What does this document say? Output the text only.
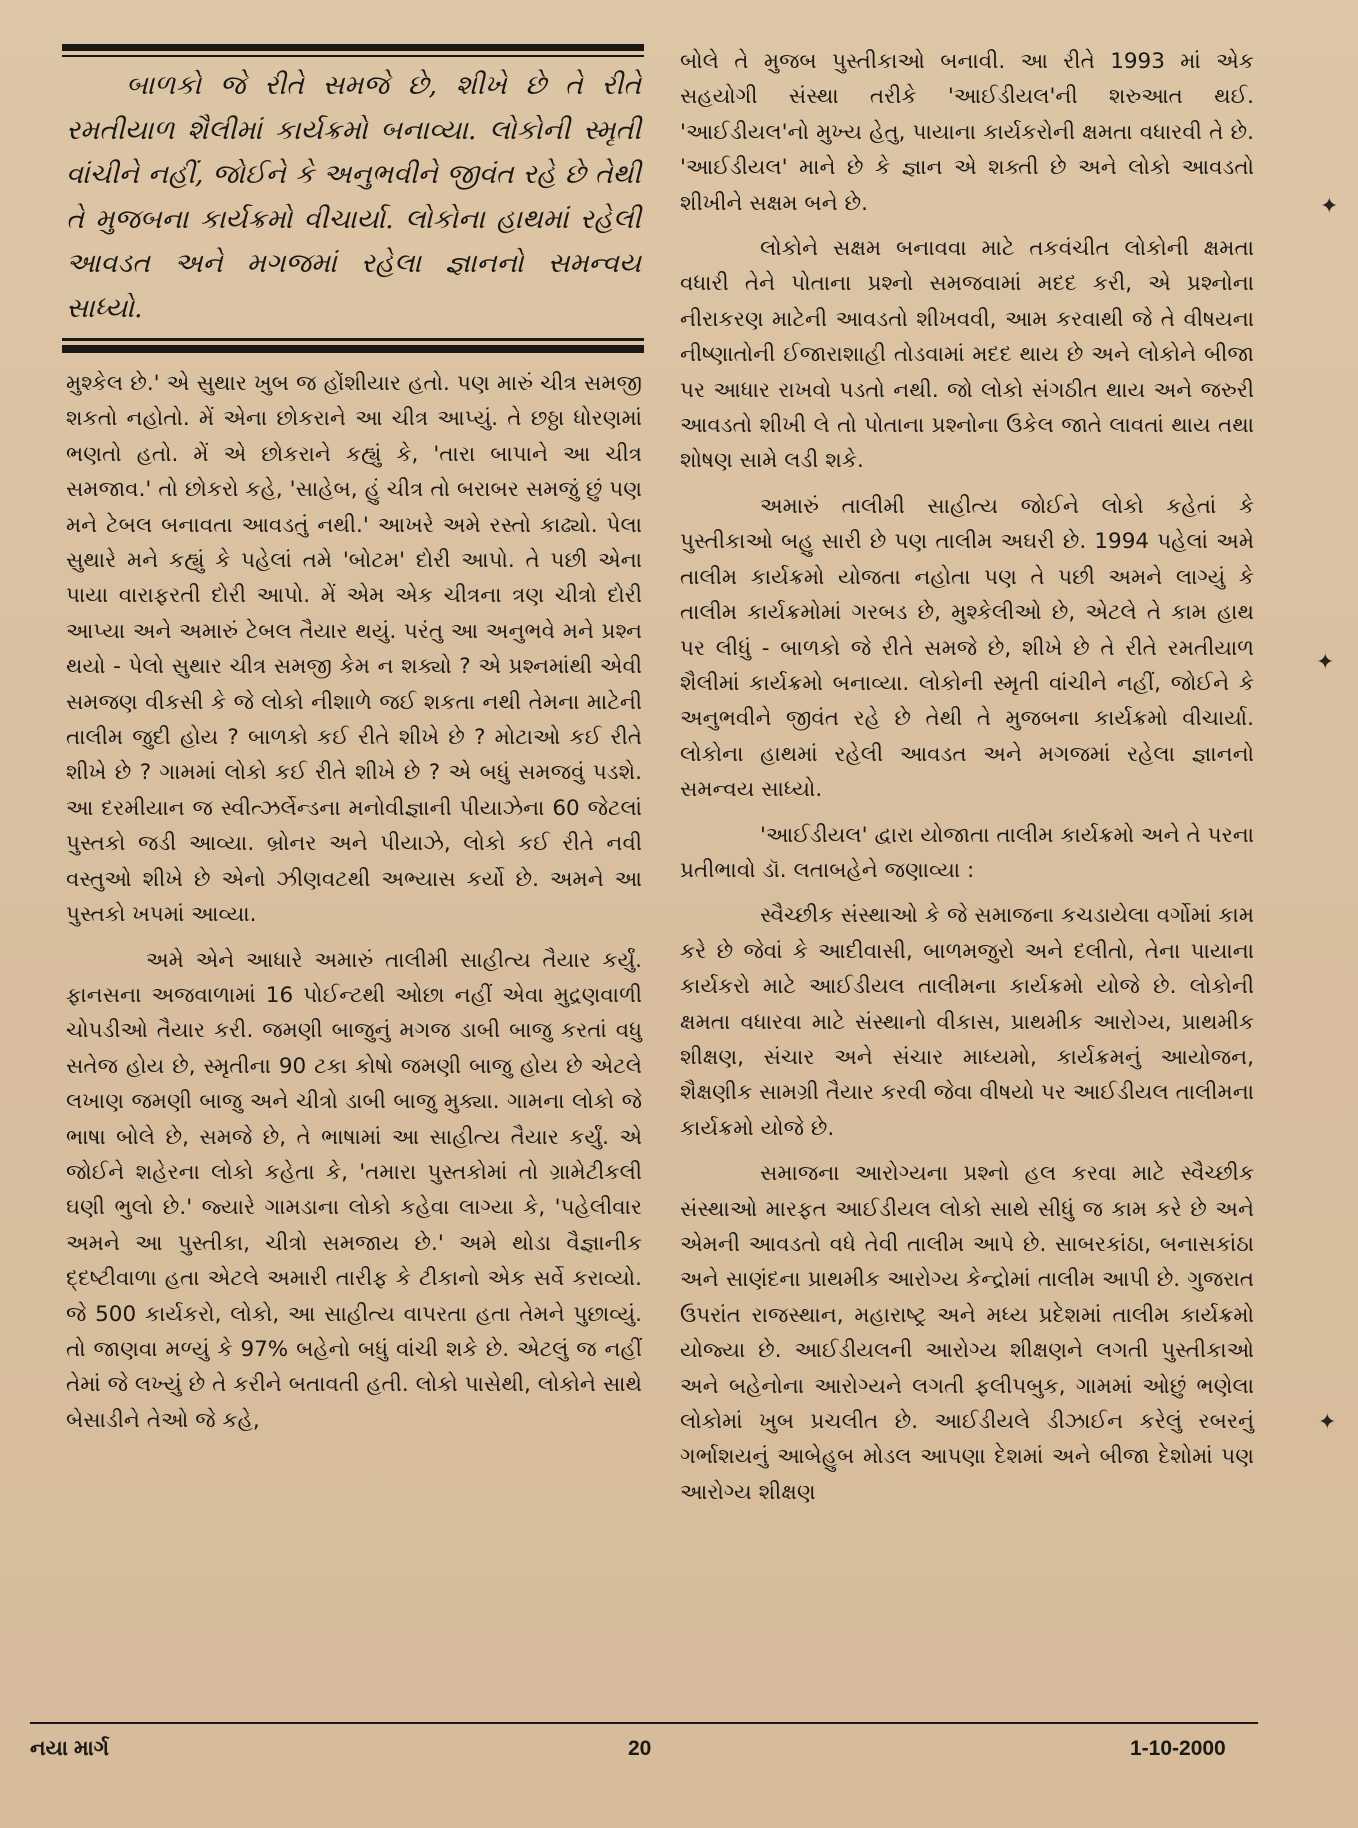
બાળકો જે રીતે સમજે છે, શીખે છે તે રીતે રમતીયાળ શૈલીમાં કાર્યક્રમો બનાવ્યા. લોકોની સ્મૃતી વાંચીને નહીં, જોઈને કે અનુભવીને જીવંત રહે છે તેથી તે મુજબના કાર્યક્રમો વીચાર્યા. લોકોના હાથમાં રહેલી આવડત અને મગજમાં રહેલા જ્ઞાનનો સમન્વય સાધ્યો.

મુશ્કેલ છે.' એ સુથાર ખુબ જ હોંશીયાર હતો. પણ મારું ચીત્ર સમજી શકતો નહોતો. મેં એના છોકરાને આ ચીત્ર આપ્યું. તે છઠ્ઠા ધોરણમાં ભણતો હતો. મેં એ છોકરાને કહ્યું કે, 'તારા બાપાને આ ચીત્ર સમજાવ.' તો છોકરો કહે, 'સાહેબ, હું ચીત્ર તો બરાબર સમજું છું પણ મને ટેબલ બનાવતા આવડતું નથી.' આખરે અમે રસ્તો કાઢ્યો. પેલા સુથારે મને કહ્યું કે પહેલાં તમે 'બોટમ' દોરી આપો. તે પછી એના પાયા વારાફરતી દોરી આપો. મેં એમ એક ચીત્રના ત્રણ ચીત્રો દોરી આપ્યા અને અમારું ટેબલ તૈયાર થયું. પરંતુ આ અનુભવે મને પ્રશ્ન થયો - પેલો સુથાર ચીત્ર સમજી કેમ ન શક્યો ? એ પ્રશ્નમાંથી એવી સમજણ વીકસી કે જે લોકો નીશાળે જઈ શકતા નથી તેમના માટેની તાલીમ જુદી હોય ? બાળકો કઈ રીતે શીખે છે ? મોટાઓ કઈ રીતે શીખે છે ? ગામમાં લોકો કઈ રીતે શીખે છે ? એ બધું સમજવું પડશે. આ દરમીયાન જ સ્વીત્ઝર્લેન્ડના મનોવીજ્ઞાની પીયાઝેના 60 જેટલાં પુસ્તકો જડી આવ્યા. બ્રોનર અને પીયાઝે, લોકો કઈ રીતે નવી વસ્તુઓ શીખે છે એનો ઝીણવટથી અભ્યાસ કર્યો છે. અમને આ પુસ્તકો ખપમાં આવ્યા.

અમે એને આધારે અમારું તાલીમી સાહીત્ય તૈયાર કર્યું. ફાનસના અજવાળામાં 16 પોઈન્ટથી ઓછા નહીં એવા મુદ્રણવાળી ચોપડીઓ તૈયાર કરી. જમણી બાજુનું મગજ ડાબી બાજુ કરતાં વધુ સતેજ હોય છે, સ્મૃતીના 90 ટકા કોષો જમણી બાજુ હોય છે એટલે લખાણ જમણી બાજુ અને ચીત્રો ડાબી બાજુ મુક્યા. ગામના લોકો જે ભાષા બોલે છે, સમજે છે, તે ભાષામાં આ સાહીત્ય તૈયાર કર્યું. એ જોઈને શહેરના લોકો કહેતા કે, 'તમારા પુસ્તકોમાં તો ગ્રામેટીકલી ઘણી ભુલો છે.' જ્યારે ગામડાના લોકો કહેવા લાગ્યા કે, 'પહેલીવાર અમને આ પુસ્તીકા, ચીત્રો સમજાય છે.' અમે થોડા વૈજ્ઞાનીક દ્દષ્ટીવાળા હતા એટલે અમારી તારીફ કે ટીકાનો એક સર્વે કરાવ્યો. જે 500 કાર્યકરો, લોકો, આ સાહીત્ય વાપરતા હતા તેમને પુછાવ્યું. તો જાણવા મળ્યું કે 97% બહેનો બધું વાંચી શકે છે. એટલું જ નહીં તેમાં જે લખ્યું છે તે કરીને બતાવતી હતી. લોકો પાસેથી, લોકોને સાથે બેસાડીને તેઓ જે કહે,

બોલે તે મુજબ પુસ્તીકાઓ બનાવી. આ રીતે 1993 માં એક સહયોગી સંસ્થા તરીકે 'આઈડીયલ'ની શરુઆત થઈ. 'આઈડીયલ'નો મુખ્ય હેતુ, પાયાના કાર્યકરોની ક્ષમતા વધારવી તે છે. 'આઈડીયલ' માને છે કે જ્ઞાન એ શક્તી છે અને લોકો આવડતો શીખીને સક્ષમ બને છે.

લોકોને સક્ષમ બનાવવા માટે તકવંચીત લોકોની ક્ષમતા વધારી તેને પોતાના પ્રશ્નો સમજવામાં મદદ કરી, એ પ્રશ્નોના નીરાકરણ માટેની આવડતો શીખવવી, આમ કરવાથી જે તે વીષયના નીષ્ણાતોની ઈજારાશાહી તોડવામાં મદદ થાય છે અને લોકોને બીજા પર આધાર રાખવો પડતો નથી. જો લોકો સંગઠીત થાય અને જરુરી આવડતો શીખી લે તો પોતાના પ્રશ્નોના ઉકેલ જાતે લાવતાં થાય તથા શોષણ સામે લડી શકે.

અમારું તાલીમી સાહીત્ય જોઈને લોકો કહેતાં કે પુસ્તીકાઓ બહુ સારી છે પણ તાલીમ અઘરી છે. 1994 પહેલાં અમે તાલીમ કાર્યક્રમો યોજતા નહોતા પણ તે પછી અમને લાગ્યું કે તાલીમ કાર્યક્રમોમાં ગરબડ છે, મુશ્કેલીઓ છે, એટલે તે કામ હાથ પર લીધું - બાળકો જે રીતે સમજે છે, શીખે છે તે રીતે રમતીયાળ શૈલીમાં કાર્યક્રમો બનાવ્યા. લોકોની સ્મૃતી વાંચીને નહીં, જોઈને કે અનુભવીને જીવંત રહે છે તેથી તે મુજબના કાર્યક્રમો વીચાર્યા. લોકોના હાથમાં રહેલી આવડત અને મગજમાં રહેલા જ્ઞાનનો સમન્વય સાધ્યો.

'આઈડીયલ' દ્વારા યોજાતા તાલીમ કાર્યક્રમો અને તે પરના પ્રતીભાવો ડૉ. લતાબહેને જણાવ્યા :

સ્વૈચ્છીક સંસ્થાઓ કે જે સમાજના કચડાયેલા વર્ગોમાં કામ કરે છે જેવાં કે આદીવાસી, બાળમજુરો અને દલીતો, તેના પાયાના કાર્યકરો માટે આઈડીયલ તાલીમના કાર્યક્રમો યોજે છે. લોકોની ક્ષમતા વધારવા માટે સંસ્થાનો વીકાસ, પ્રાથમીક આરોગ્ય, પ્રાથમીક શીક્ષણ, સંચાર અને સંચાર માધ્યમો, કાર્યક્રમનું આયોજન, શૈક્ષણીક સામગ્રી તૈયાર કરવી જેવા વીષયો પર આઈડીયલ તાલીમના કાર્યક્રમો યોજે છે.

સમાજના આરોગ્યના પ્રશ્નો હલ કરવા માટે સ્વૈચ્છીક સંસ્થાઓ મારફત આઈડીયલ લોકો સાથે સીધું જ કામ કરે છે અને એમની આવડતો વધે તેવી તાલીમ આપે છે. સાબરકાંઠા, બનાસકાંઠા અને સાણંદના પ્રાથમીક આરોગ્ય કેન્દ્રોમાં તાલીમ આપી છે. ગુજરાત ઉપરાંત રાજસ્થાન, મહારાષ્ટ્ર અને મધ્ય પ્રદેશમાં તાલીમ કાર્યક્રમો યોજ્યા છે. આઈડીયલની આરોગ્ય શીક્ષણને લગતી પુસ્તીકાઓ અને બહેનોના આરોગ્યને લગતી ફલીપબુક, ગામમાં ઓછું ભણેલા લોકોમાં ખુબ પ્રચલીત છે. આઈડીયલે ડીઝાઈન કરેલું રબરનું ગર્ભાશયનું આબેહુબ મોડલ આપણા દેશમાં અને બીજા દેશોમાં પણ આરોગ્ય શીક્ષણ

નયા માર્ગ	20	1-10-2000
✦
✦
✦
